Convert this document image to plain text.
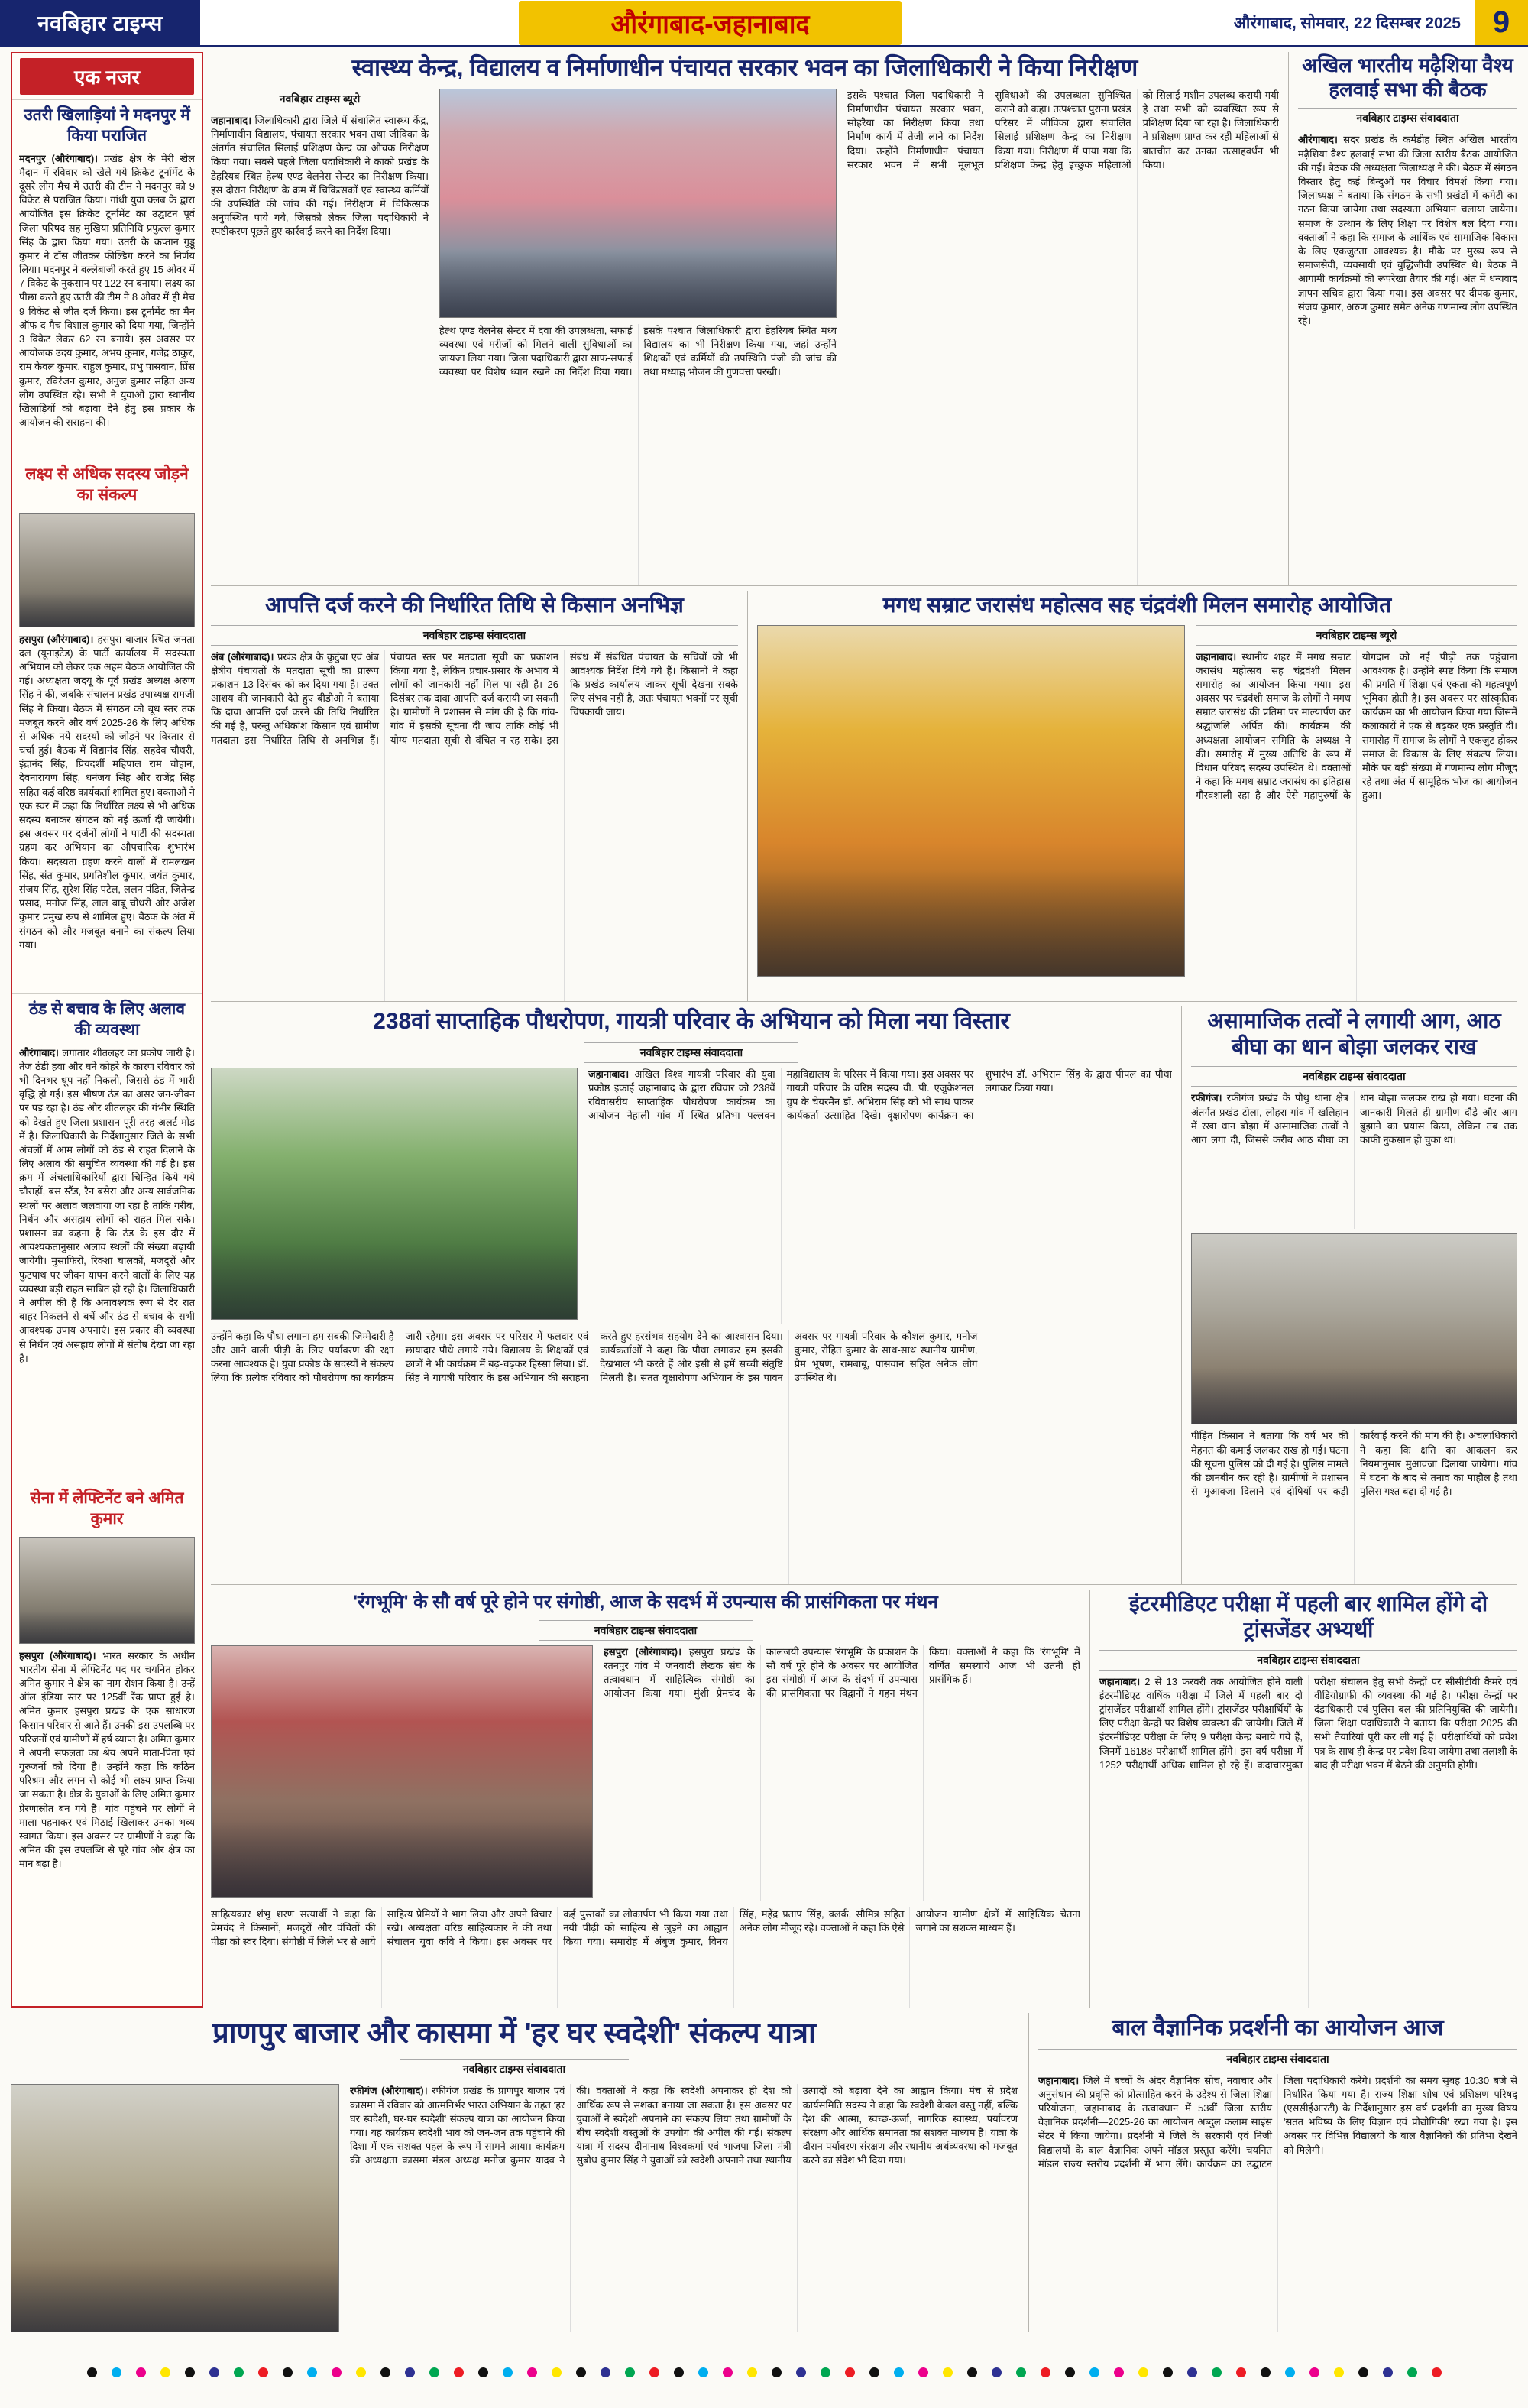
नवबिहार टाइम्स	औरंगाबाद-जहानाबाद	औरंगाबाद, सोमवार, 22 दिसम्बर 2025	9
एक नजर
उतरी खिलाड़ियां ने मदनपुर में किया पराजित

मदनपुर (औरंगाबाद)। प्रखंड क्षेत्र के मेरी खेल मैदान में रविवार को खेले गये क्रिकेट टूर्नामेंट के दूसरे लीग मैच में उतरी की टीम ने मदनपुर को 9 विकेट से पराजित किया। गांधी युवा क्लब के द्वारा आयोजित इस क्रिकेट टूर्नामेंट का उद्घाटन पूर्व जिला परिषद सह मुखिया प्रतिनिधि प्रफुल्ल कुमार सिंह के द्वारा किया गया। उतरी के कप्तान गुड्डू कुमार ने टॉस जीतकर फील्डिंग करने का निर्णय लिया। मदनपुर ने बल्लेबाजी करते हुए 15 ओवर में 7 विकेट के नुकसान पर 122 रन बनाया। लक्ष्य का पीछा करते हुए उतरी की टीम ने 8 ओवर में ही मैच 9 विकेट से जीत दर्ज किया। इस टूर्नामेंट का मैन ऑफ द मैच विशाल कुमार को दिया गया, जिन्होंने 3 विकेट लेकर 62 रन बनाये। इस अवसर पर आयोजक उदय कुमार, अभय कुमार, गजेंद्र ठाकुर, राम केवल कुमार, राहुल कुमार, प्रभु पासवान, प्रिंस कुमार, रविरंजन कुमार, अनुज कुमार सहित अन्य लोग उपस्थित रहे। सभी ने युवाओं द्वारा स्थानीय खिलाड़ियों को बढ़ावा देने हेतु इस प्रकार के आयोजन की सराहना की।

लक्ष्य से अधिक सदस्य जोड़ने का संकल्प

हसपुरा (औरंगाबाद)। हसपुरा बाजार स्थित जनता दल (यूनाइटेड) के पार्टी कार्यालय में सदस्यता अभियान को लेकर एक अहम बैठक आयोजित की गई। अध्यक्षता जदयू के पूर्व प्रखंड अध्यक्ष अरुण सिंह ने की, जबकि संचालन प्रखंड उपाध्यक्ष रामजी सिंह ने किया। बैठक में संगठन को बूथ स्तर तक मजबूत करने और वर्ष 2025-26 के लिए अधिक से अधिक नये सदस्यों को जोड़ने पर विस्तार से चर्चा हुई। बैठक में विद्यानंद सिंह, सहदेव चौधरी, इंद्रानंद सिंह, प्रियदर्शी महिपाल राम चौहान, देवनारायण सिंह, धनंजय सिंह और राजेंद्र सिंह सहित कई वरिष्ठ कार्यकर्ता शामिल हुए। वक्ताओं ने एक स्वर में कहा कि निर्धारित लक्ष्य से भी अधिक सदस्य बनाकर संगठन को नई ऊर्जा दी जायेगी। इस अवसर पर दर्जनों लोगों ने पार्टी की सदस्यता ग्रहण कर अभियान का औपचारिक शुभारंभ किया। सदस्यता ग्रहण करने वालों में रामलखन सिंह, संत कुमार, प्रगतिशील कुमार, जयंत कुमार, संजय सिंह, सुरेश सिंह पटेल, ललन पंडित, जितेन्द्र प्रसाद, मनोज सिंह, लाल बाबू चौधरी और अजेश कुमार प्रमुख रूप से शामिल हुए। बैठक के अंत में संगठन को और मजबूत बनाने का संकल्प लिया गया।

ठंड से बचाव के लिए अलाव की व्यवस्था

औरंगाबाद। लगातार शीतलहर का प्रकोप जारी है। तेज ठंडी हवा और घने कोहरे के कारण रविवार को भी दिनभर धूप नहीं निकली, जिससे ठंड में भारी वृद्धि हो गई। इस भीषण ठंड का असर जन-जीवन पर पड़ रहा है। ठंड और शीतलहर की गंभीर स्थिति को देखते हुए जिला प्रशासन पूरी तरह अलर्ट मोड में है। जिलाधिकारी के निर्देशानुसार जिले के सभी अंचलों में आम लोगों को ठंड से राहत दिलाने के लिए अलाव की समुचित व्यवस्था की गई है। इस क्रम में अंचलाधिकारियों द्वारा चिन्हित किये गये चौराहों, बस स्टैंड, रैन बसेरा और अन्य सार्वजनिक स्थलों पर अलाव जलवाया जा रहा है ताकि गरीब, निर्धन और असहाय लोगों को राहत मिल सके। प्रशासन का कहना है कि ठंड के इस दौर में आवश्यकतानुसार अलाव स्थलों की संख्या बढ़ायी जायेगी। मुसाफिरों, रिक्शा चालकों, मजदूरों और फुटपाथ पर जीवन यापन करने वालों के लिए यह व्यवस्था बड़ी राहत साबित हो रही है। जिलाधिकारी ने अपील की है कि अनावश्यक रूप से देर रात बाहर निकलने से बचें और ठंड से बचाव के सभी आवश्यक उपाय अपनाएं। इस प्रकार की व्यवस्था से निर्धन एवं असहाय लोगों में संतोष देखा जा रहा है।

सेना में लेफ्टिनेंट बने अमित कुमार

हसपुरा (औरंगाबाद)। भारत सरकार के अधीन भारतीय सेना में लेफ्टिनेंट पद पर चयनित होकर अमित कुमार ने क्षेत्र का नाम रोशन किया है। उन्हें ऑल इंडिया स्तर पर 125वीं रैंक प्राप्त हुई है। अमित कुमार हसपुरा प्रखंड के एक साधारण किसान परिवार से आते हैं। उनकी इस उपलब्धि पर परिजनों एवं ग्रामीणों में हर्ष व्याप्त है। अमित कुमार ने अपनी सफलता का श्रेय अपने माता-पिता एवं गुरुजनों को दिया है। उन्होंने कहा कि कठिन परिश्रम और लगन से कोई भी लक्ष्य प्राप्त किया जा सकता है। क्षेत्र के युवाओं के लिए अमित कुमार प्रेरणास्रोत बन गये हैं। गांव पहुंचने पर लोगों ने माला पहनाकर एवं मिठाई खिलाकर उनका भव्य स्वागत किया। इस अवसर पर ग्रामीणों ने कहा कि अमित की इस उपलब्धि से पूरे गांव और क्षेत्र का मान बढ़ा है।

स्वास्थ्य केन्द्र, विद्यालय व निर्माणाधीन पंचायत सरकार भवन का जिलाधिकारी ने किया निरीक्षण
नवबिहार टाइम्स ब्यूरो

जहानाबाद। जिलाधिकारी द्वारा जिले में संचालित स्वास्थ्य केंद्र, निर्माणाधीन विद्यालय, पंचायत सरकार भवन तथा जीविका के अंतर्गत संचालित सिलाई प्रशिक्षण केन्द्र का औचक निरीक्षण किया गया। सबसे पहले जिला पदाधिकारी ने काको प्रखंड के डेहरियब स्थित हेल्थ एण्ड वेलनेस सेन्टर का निरीक्षण किया। इस दौरान निरीक्षण के क्रम में चिकित्सकों एवं स्वास्थ्य कर्मियों की उपस्थिति की जांच की गई। निरीक्षण में चिकित्सक अनुपस्थित पाये गये, जिसको लेकर जिला पदाधिकारी ने स्पष्टीकरण पूछते हुए कार्रवाई करने का निर्देश दिया।

हेल्थ एण्ड वेलनेस सेन्टर में दवा की उपलब्धता, सफाई व्यवस्था एवं मरीजों को मिलने वाली सुविधाओं का जायजा लिया गया। जिला पदाधिकारी द्वारा साफ-सफाई व्यवस्था पर विशेष ध्यान रखने का निर्देश दिया गया। इसके पश्चात जिलाधिकारी द्वारा डेहरियब स्थित मध्य विद्यालय का भी निरीक्षण किया गया, जहां उन्होंने शिक्षकों एवं कर्मियों की उपस्थिति पंजी की जांच की तथा मध्याह्न भोजन की गुणवत्ता परखी।

इसके पश्चात जिला पदाधिकारी ने निर्माणाधीन पंचायत सरकार भवन, सोहरैया का निरीक्षण किया तथा निर्माण कार्य में तेजी लाने का निर्देश दिया। उन्होंने निर्माणाधीन पंचायत सरकार भवन में सभी मूलभूत सुविधाओं की उपलब्धता सुनिश्चित कराने को कहा। तत्पश्चात पुराना प्रखंड परिसर में जीविका द्वारा संचालित सिलाई प्रशिक्षण केन्द्र का निरीक्षण किया गया। निरीक्षण में पाया गया कि प्रशिक्षण केन्द्र हेतु इच्छुक महिलाओं को सिलाई मशीन उपलब्ध करायी गयी है तथा सभी को व्यवस्थित रूप से प्रशिक्षण दिया जा रहा है। जिलाधिकारी ने प्रशिक्षण प्राप्त कर रही महिलाओं से बातचीत कर उनका उत्साहवर्धन भी किया।

अखिल भारतीय मढ़ैशिया वैश्य हलवाई सभा की बैठक
नवबिहार टाइम्स संवाददाता

औरंगाबाद। सदर प्रखंड के कर्मडीह स्थित अखिल भारतीय मढ़ैशिया वैश्य हलवाई सभा की जिला स्तरीय बैठक आयोजित की गई। बैठक की अध्यक्षता जिलाध्यक्ष ने की। बैठक में संगठन विस्तार हेतु कई बिन्दुओं पर विचार विमर्श किया गया। जिलाध्यक्ष ने बताया कि संगठन के सभी प्रखंडों में कमेटी का गठन किया जायेगा तथा सदस्यता अभियान चलाया जायेगा। समाज के उत्थान के लिए शिक्षा पर विशेष बल दिया गया। वक्ताओं ने कहा कि समाज के आर्थिक एवं सामाजिक विकास के लिए एकजुटता आवश्यक है। मौके पर मुख्य रूप से समाजसेवी, व्यवसायी एवं बुद्धिजीवी उपस्थित थे। बैठक में आगामी कार्यक्रमों की रूपरेखा तैयार की गई। अंत में धन्यवाद ज्ञापन सचिव द्वारा किया गया। इस अवसर पर दीपक कुमार, संजय कुमार, अरुण कुमार समेत अनेक गणमान्य लोग उपस्थित रहे।

आपत्ति दर्ज करने की निर्धारित तिथि से किसान अनभिज्ञ
नवबिहार टाइम्स संवाददाता

अंब (औरंगाबाद)। प्रखंड क्षेत्र के कुटुंबा एवं अंब क्षेत्रीय पंचायतों के मतदाता सूची का प्रारूप प्रकाशन 13 दिसंबर को कर दिया गया है। उक्त आशय की जानकारी देते हुए बीडीओ ने बताया कि दावा आपत्ति दर्ज करने की तिथि निर्धारित की गई है, परन्तु अधिकांश किसान एवं ग्रामीण मतदाता इस निर्धारित तिथि से अनभिज्ञ हैं। पंचायत स्तर पर मतदाता सूची का प्रकाशन किया गया है, लेकिन प्रचार-प्रसार के अभाव में लोगों को जानकारी नहीं मिल पा रही है। 26 दिसंबर तक दावा आपत्ति दर्ज करायी जा सकती है। ग्रामीणों ने प्रशासन से मांग की है कि गांव-गांव में इसकी सूचना दी जाय ताकि कोई भी योग्य मतदाता सूची से वंचित न रह सके। इस संबंध में संबंधित पंचायत के सचिवों को भी आवश्यक निर्देश दिये गये हैं। किसानों ने कहा कि प्रखंड कार्यालय जाकर सूची देखना सबके लिए संभव नहीं है, अतः पंचायत भवनों पर सूची चिपकायी जाय।

मगध सम्राट जरासंध महोत्सव सह चंद्रवंशी मिलन समारोह आयोजित
नवबिहार टाइम्स ब्यूरो

जहानाबाद। स्थानीय शहर में मगध सम्राट जरासंध महोत्सव सह चंद्रवंशी मिलन समारोह का आयोजन किया गया। इस अवसर पर चंद्रवंशी समाज के लोगों ने मगध सम्राट जरासंध की प्रतिमा पर माल्यार्पण कर श्रद्धांजलि अर्पित की। कार्यक्रम की अध्यक्षता आयोजन समिति के अध्यक्ष ने की। समारोह में मुख्य अतिथि के रूप में विधान परिषद सदस्य उपस्थित थे। वक्ताओं ने कहा कि मगध सम्राट जरासंध का इतिहास गौरवशाली रहा है और ऐसे महापुरुषों के योगदान को नई पीढ़ी तक पहुंचाना आवश्यक है। उन्होंने स्पष्ट किया कि समाज की प्रगति में शिक्षा एवं एकता की महत्वपूर्ण भूमिका होती है। इस अवसर पर सांस्कृतिक कार्यक्रम का भी आयोजन किया गया जिसमें कलाकारों ने एक से बढ़कर एक प्रस्तुति दी। समारोह में समाज के लोगों ने एकजुट होकर समाज के विकास के लिए संकल्प लिया। मौके पर बड़ी संख्या में गणमान्य लोग मौजूद रहे तथा अंत में सामूहिक भोज का आयोजन हुआ।

238वां साप्ताहिक पौधरोपण, गायत्री परिवार के अभियान को मिला नया विस्तार
नवबिहार टाइम्स संवाददाता

जहानाबाद। अखिल विश्व गायत्री परिवार की युवा प्रकोष्ठ इकाई जहानाबाद के द्वारा रविवार को 238वें रविवासरीय साप्ताहिक पौधरोपण कार्यक्रम का आयोजन नेहाली गांव में स्थित प्रतिभा पल्लवन महाविद्यालय के परिसर में किया गया। इस अवसर पर गायत्री परिवार के वरिष्ठ सदस्य वी. पी. एजुकेशनल ग्रुप के चेयरमैन डॉ. अभिराम सिंह को भी साथ पाकर कार्यकर्ता उत्साहित दिखे। वृक्षारोपण कार्यक्रम का शुभारंभ डॉ. अभिराम सिंह के द्वारा पीपल का पौधा लगाकर किया गया।

उन्होंने कहा कि पौधा लगाना हम सबकी जिम्मेदारी है और आने वाली पीढ़ी के लिए पर्यावरण की रक्षा करना आवश्यक है। युवा प्रकोष्ठ के सदस्यों ने संकल्प लिया कि प्रत्येक रविवार को पौधरोपण का कार्यक्रम जारी रहेगा। इस अवसर पर परिसर में फलदार एवं छायादार पौधे लगाये गये। विद्यालय के शिक्षकों एवं छात्रों ने भी कार्यक्रम में बढ़-चढ़कर हिस्सा लिया। डॉ. सिंह ने गायत्री परिवार के इस अभियान की सराहना करते हुए हरसंभव सहयोग देने का आश्वासन दिया। कार्यकर्ताओं ने कहा कि पौधा लगाकर हम इसकी देखभाल भी करते हैं और इसी से हमें सच्ची संतुष्टि मिलती है। सतत वृक्षारोपण अभियान के इस पावन अवसर पर गायत्री परिवार के कौशल कुमार, मनोज कुमार, रोहित कुमार के साथ-साथ स्थानीय ग्रामीण, प्रेम भूषण, रामबाबू, पासवान सहित अनेक लोग उपस्थित थे।

असामाजिक तत्वों ने लगायी आग, आठ बीघा का धान बोझा जलकर राख
नवबिहार टाइम्स संवाददाता

रफीगंज। रफीगंज प्रखंड के पौथु थाना क्षेत्र अंतर्गत प्रखंड टोला, लोहरा गांव में खलिहान में रखा धान बोझा में असामाजिक तत्वों ने आग लगा दी, जिससे करीब आठ बीघा का धान बोझा जलकर राख हो गया। घटना की जानकारी मिलते ही ग्रामीण दौड़े और आग बुझाने का प्रयास किया, लेकिन तब तक काफी नुकसान हो चुका था।

पीड़ित किसान ने बताया कि वर्ष भर की मेहनत की कमाई जलकर राख हो गई। घटना की सूचना पुलिस को दी गई है। पुलिस मामले की छानबीन कर रही है। ग्रामीणों ने प्रशासन से मुआवजा दिलाने एवं दोषियों पर कड़ी कार्रवाई करने की मांग की है। अंचलाधिकारी ने कहा कि क्षति का आकलन कर नियमानुसार मुआवजा दिलाया जायेगा। गांव में घटना के बाद से तनाव का माहौल है तथा पुलिस गश्त बढ़ा दी गई है।

'रंगभूमि' के सौ वर्ष पूरे होने पर संगोष्ठी, आज के सदर्भ में उपन्यास की प्रासंगिकता पर मंथन
नवबिहार टाइम्स संवाददाता

हसपुरा (औरंगाबाद)। हसपुरा प्रखंड के रतनपुर गांव में जनवादी लेखक संघ के तत्वावधान में साहित्यिक संगोष्ठी का आयोजन किया गया। मुंशी प्रेमचंद के कालजयी उपन्यास 'रंगभूमि' के प्रकाशन के सौ वर्ष पूरे होने के अवसर पर आयोजित इस संगोष्ठी में आज के संदर्भ में उपन्यास की प्रासंगिकता पर विद्वानों ने गहन मंथन किया। वक्ताओं ने कहा कि 'रंगभूमि' में वर्णित समस्यायें आज भी उतनी ही प्रासंगिक हैं।

साहित्यकार शंभु शरण सत्यार्थी ने कहा कि प्रेमचंद ने किसानों, मजदूरों और वंचितों की पीड़ा को स्वर दिया। संगोष्ठी में जिले भर से आये साहित्य प्रेमियों ने भाग लिया और अपने विचार रखे। अध्यक्षता वरिष्ठ साहित्यकार ने की तथा संचालन युवा कवि ने किया। इस अवसर पर कई पुस्तकों का लोकार्पण भी किया गया तथा नयी पीढ़ी को साहित्य से जुड़ने का आह्वान किया गया। समारोह में अंबुज कुमार, विनय सिंह, महेंद्र प्रताप सिंह, क्लर्क, सौमित्र सहित अनेक लोग मौजूद रहे। वक्ताओं ने कहा कि ऐसे आयोजन ग्रामीण क्षेत्रों में साहित्यिक चेतना जगाने का सशक्त माध्यम हैं।

इंटरमीडिएट परीक्षा में पहली बार शामिल होंगे दो ट्रांसजेंडर अभ्यर्थी
नवबिहार टाइम्स संवाददाता

जहानाबाद। 2 से 13 फरवरी तक आयोजित होने वाली इंटरमीडिएट वार्षिक परीक्षा में जिले में पहली बार दो ट्रांसजेंडर परीक्षार्थी शामिल होंगे। ट्रांसजेंडर परीक्षार्थियों के लिए परीक्षा केन्द्रों पर विशेष व्यवस्था की जायेगी। जिले में इंटरमीडिएट परीक्षा के लिए 9 परीक्षा केन्द्र बनाये गये हैं, जिनमें 16188 परीक्षार्थी शामिल होंगे। इस वर्ष परीक्षा में 1252 परीक्षार्थी अधिक शामिल हो रहे हैं। कदाचारमुक्त परीक्षा संचालन हेतु सभी केन्द्रों पर सीसीटीवी कैमरे एवं वीडियोग्राफी की व्यवस्था की गई है। परीक्षा केन्द्रों पर दंडाधिकारी एवं पुलिस बल की प्रतिनियुक्ति की जायेगी। जिला शिक्षा पदाधिकारी ने बताया कि परीक्षा 2025 की सभी तैयारियां पूरी कर ली गई हैं। परीक्षार्थियों को प्रवेश पत्र के साथ ही केन्द्र पर प्रवेश दिया जायेगा तथा तलाशी के बाद ही परीक्षा भवन में बैठने की अनुमति होगी।

प्राणपुर बाजार और कासमा में 'हर घर स्वदेशी' संकल्प यात्रा
नवबिहार टाइम्स संवाददाता

रफीगंज (औरंगाबाद)। रफीगंज प्रखंड के प्राणपुर बाजार एवं कासमा में रविवार को आत्मनिर्भर भारत अभियान के तहत 'हर घर स्वदेशी, घर-घर स्वदेशी' संकल्प यात्रा का आयोजन किया गया। यह कार्यक्रम स्वदेशी भाव को जन-जन तक पहुंचाने की दिशा में एक सशक्त पहल के रूप में सामने आया। कार्यक्रम की अध्यक्षता कासमा मंडल अध्यक्ष मनोज कुमार यादव ने की। वक्ताओं ने कहा कि स्वदेशी अपनाकर ही देश को आर्थिक रूप से सशक्त बनाया जा सकता है। इस अवसर पर युवाओं ने स्वदेशी अपनाने का संकल्प लिया तथा ग्रामीणों के बीच स्वदेशी वस्तुओं के उपयोग की अपील की गई। संकल्प यात्रा में सदस्य दीनानाथ विश्वकर्मा एवं भाजपा जिला मंत्री सुबोध कुमार सिंह ने युवाओं को स्वदेशी अपनाने तथा स्थानीय उत्पादों को बढ़ावा देने का आह्वान किया। मंच से प्रदेश कार्यसमिति सदस्य ने कहा कि स्वदेशी केवल वस्तु नहीं, बल्कि देश की आत्मा, स्वच्छ-ऊर्जा, नागरिक स्वास्थ्य, पर्यावरण संरक्षण और आर्थिक समानता का सशक्त माध्यम है। यात्रा के दौरान पर्यावरण संरक्षण और स्थानीय अर्थव्यवस्था को मजबूत करने का संदेश भी दिया गया।

बाल वैज्ञानिक प्रदर्शनी का आयोजन आज
नवबिहार टाइम्स संवाददाता

जहानाबाद। जिले में बच्चों के अंदर वैज्ञानिक सोच, नवाचार और अनुसंधान की प्रवृत्ति को प्रोत्साहित करने के उद्देश्य से जिला शिक्षा परियोजना, जहानाबाद के तत्वावधान में 53वीं जिला स्तरीय वैज्ञानिक प्रदर्शनी—2025-26 का आयोजन अब्दुल कलाम साइंस सेंटर में किया जायेगा। प्रदर्शनी में जिले के सरकारी एवं निजी विद्यालयों के बाल वैज्ञानिक अपने मॉडल प्रस्तुत करेंगे। चयनित मॉडल राज्य स्तरीय प्रदर्शनी में भाग लेंगे। कार्यक्रम का उद्घाटन जिला पदाधिकारी करेंगे। प्रदर्शनी का समय सुबह 10:30 बजे से निर्धारित किया गया है। राज्य शिक्षा शोध एवं प्रशिक्षण परिषद् (एससीईआरटी) के निर्देशानुसार इस वर्ष प्रदर्शनी का मुख्य विषय 'सतत भविष्य के लिए विज्ञान एवं प्रौद्योगिकी' रखा गया है। इस अवसर पर विभिन्न विद्यालयों के बाल वैज्ञानिकों की प्रतिभा देखने को मिलेगी।
